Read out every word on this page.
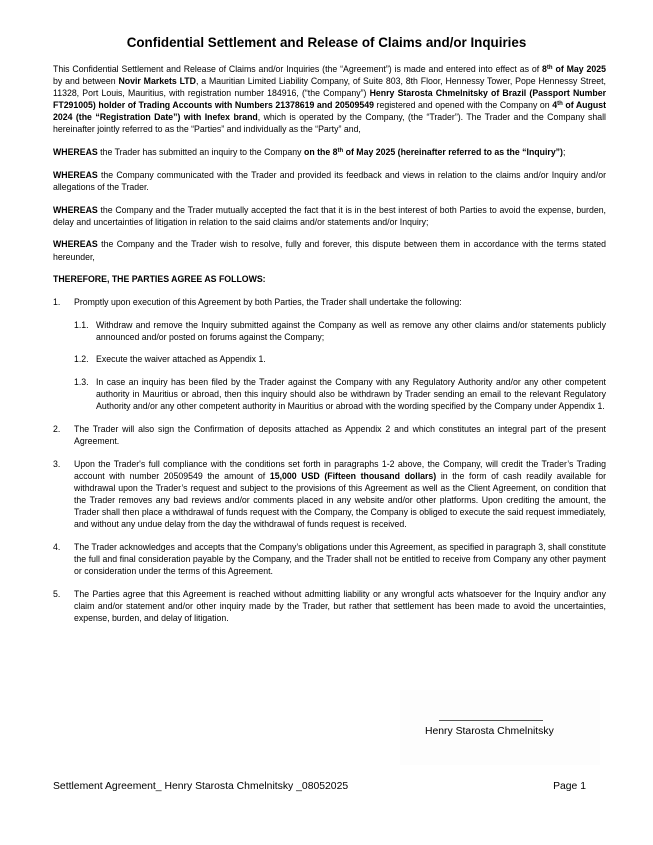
Confidential Settlement and Release of Claims and/or Inquiries

This Confidential Settlement and Release of Claims and/or Inquiries (the “Agreement”) is made and entered into effect as of 8th of May 2025 by and between Novir Markets LTD, a Mauritian Limited Liability Company, of Suite 803, 8th Floor, Hennessy Tower, Pope Hennessy Street, 11328, Port Louis, Mauritius, with registration number 184916, (“the Company”) Henry Starosta Chmelnitsky of Brazil (Passport Number FT291005) holder of Trading Accounts with Numbers 21378619 and 20509549 registered and opened with the Company on 4th of August 2024 (the “Registration Date”) with Inefex brand, which is operated by the Company, (the “Trader”). The Trader and the Company shall hereinafter jointly referred to as the “Parties” and individually as the “Party” and,

WHEREAS the Trader has submitted an inquiry to the Company on the 8th of May 2025 (hereinafter referred to as the “Inquiry”);

WHEREAS the Company communicated with the Trader and provided its feedback and views in relation to the claims and/or Inquiry and/or allegations of the Trader.

WHEREAS the Company and the Trader mutually accepted the fact that it is in the best interest of both Parties to avoid the expense, burden, delay and uncertainties of litigation in relation to the said claims and/or statements and/or Inquiry;

WHEREAS the Company and the Trader wish to resolve, fully and forever, this dispute between them in accordance with the terms stated hereunder,

THEREFORE, THE PARTIES AGREE AS FOLLOWS:
1. Promptly upon execution of this Agreement by both Parties, the Trader shall undertake the following:
1.1. Withdraw and remove the Inquiry submitted against the Company as well as remove any other claims and/or statements publicly announced and/or posted on forums against the Company;
1.2. Execute the waiver attached as Appendix 1.
1.3. In case an inquiry has been filed by the Trader against the Company with any Regulatory Authority and/or any other competent authority in Mauritius or abroad, then this inquiry should also be withdrawn by Trader sending an email to the relevant Regulatory Authority and/or any other competent authority in Mauritius or abroad with the wording specified by the Company under Appendix 1.
2. The Trader will also sign the Confirmation of deposits attached as Appendix 2 and which constitutes an integral part of the present Agreement.
3. Upon the Trader's full compliance with the conditions set forth in paragraphs 1-2 above, the Company, will credit the Trader’s Trading account with number 20509549 the amount of 15,000 USD (Fifteen thousand dollars) in the form of cash readily available for withdrawal upon the Trader’s request and subject to the provisions of this Agreement as well as the Client Agreement, on condition that the Trader removes any bad reviews and/or comments placed in any website and/or other platforms. Upon crediting the amount, the Trader shall then place a withdrawal of funds request with the Company, the Company is obliged to execute the said request immediately, and without any undue delay from the day the withdrawal of funds request is received.
4. The Trader acknowledges and accepts that the Company’s obligations under this Agreement, as specified in paragraph 3, shall constitute the full and final consideration payable by the Company, and the Trader shall not be entitled to receive from Company any other payment or consideration under the terms of this Agreement.
5. The Parties agree that this Agreement is reached without admitting liability or any wrongful acts whatsoever for the Inquiry and\or any claim and/or statement and/or other inquiry made by the Trader, but rather that settlement has been made to avoid the uncertainties, expense, burden, and delay of litigation.
Henry Starosta Chmelnitsky
Settlement Agreement_ Henry Starosta Chmelnitsky _08052025	Page 1
